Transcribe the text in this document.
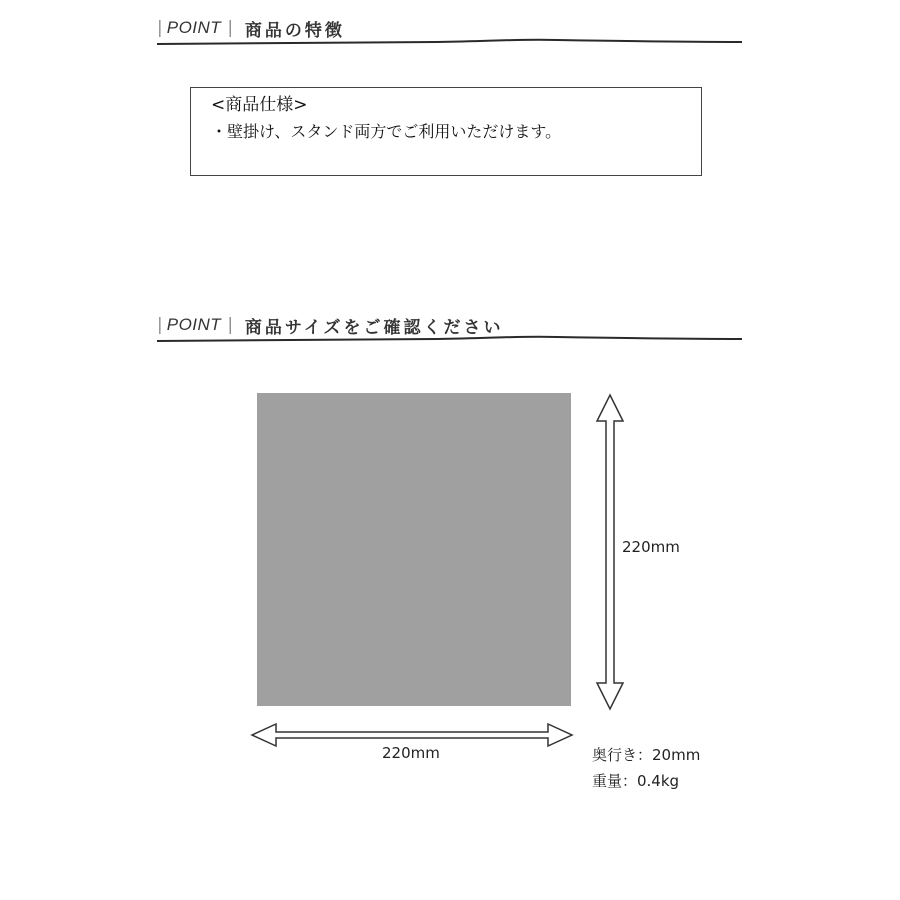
| POINT | 商品の特徴
<商品仕様>
・壁掛け、スタンド両方でご利用いただけます。
| POINT | 商品サイズをご確認ください
220mm
220mm	奥行き：20mm
重量：0.4kg
